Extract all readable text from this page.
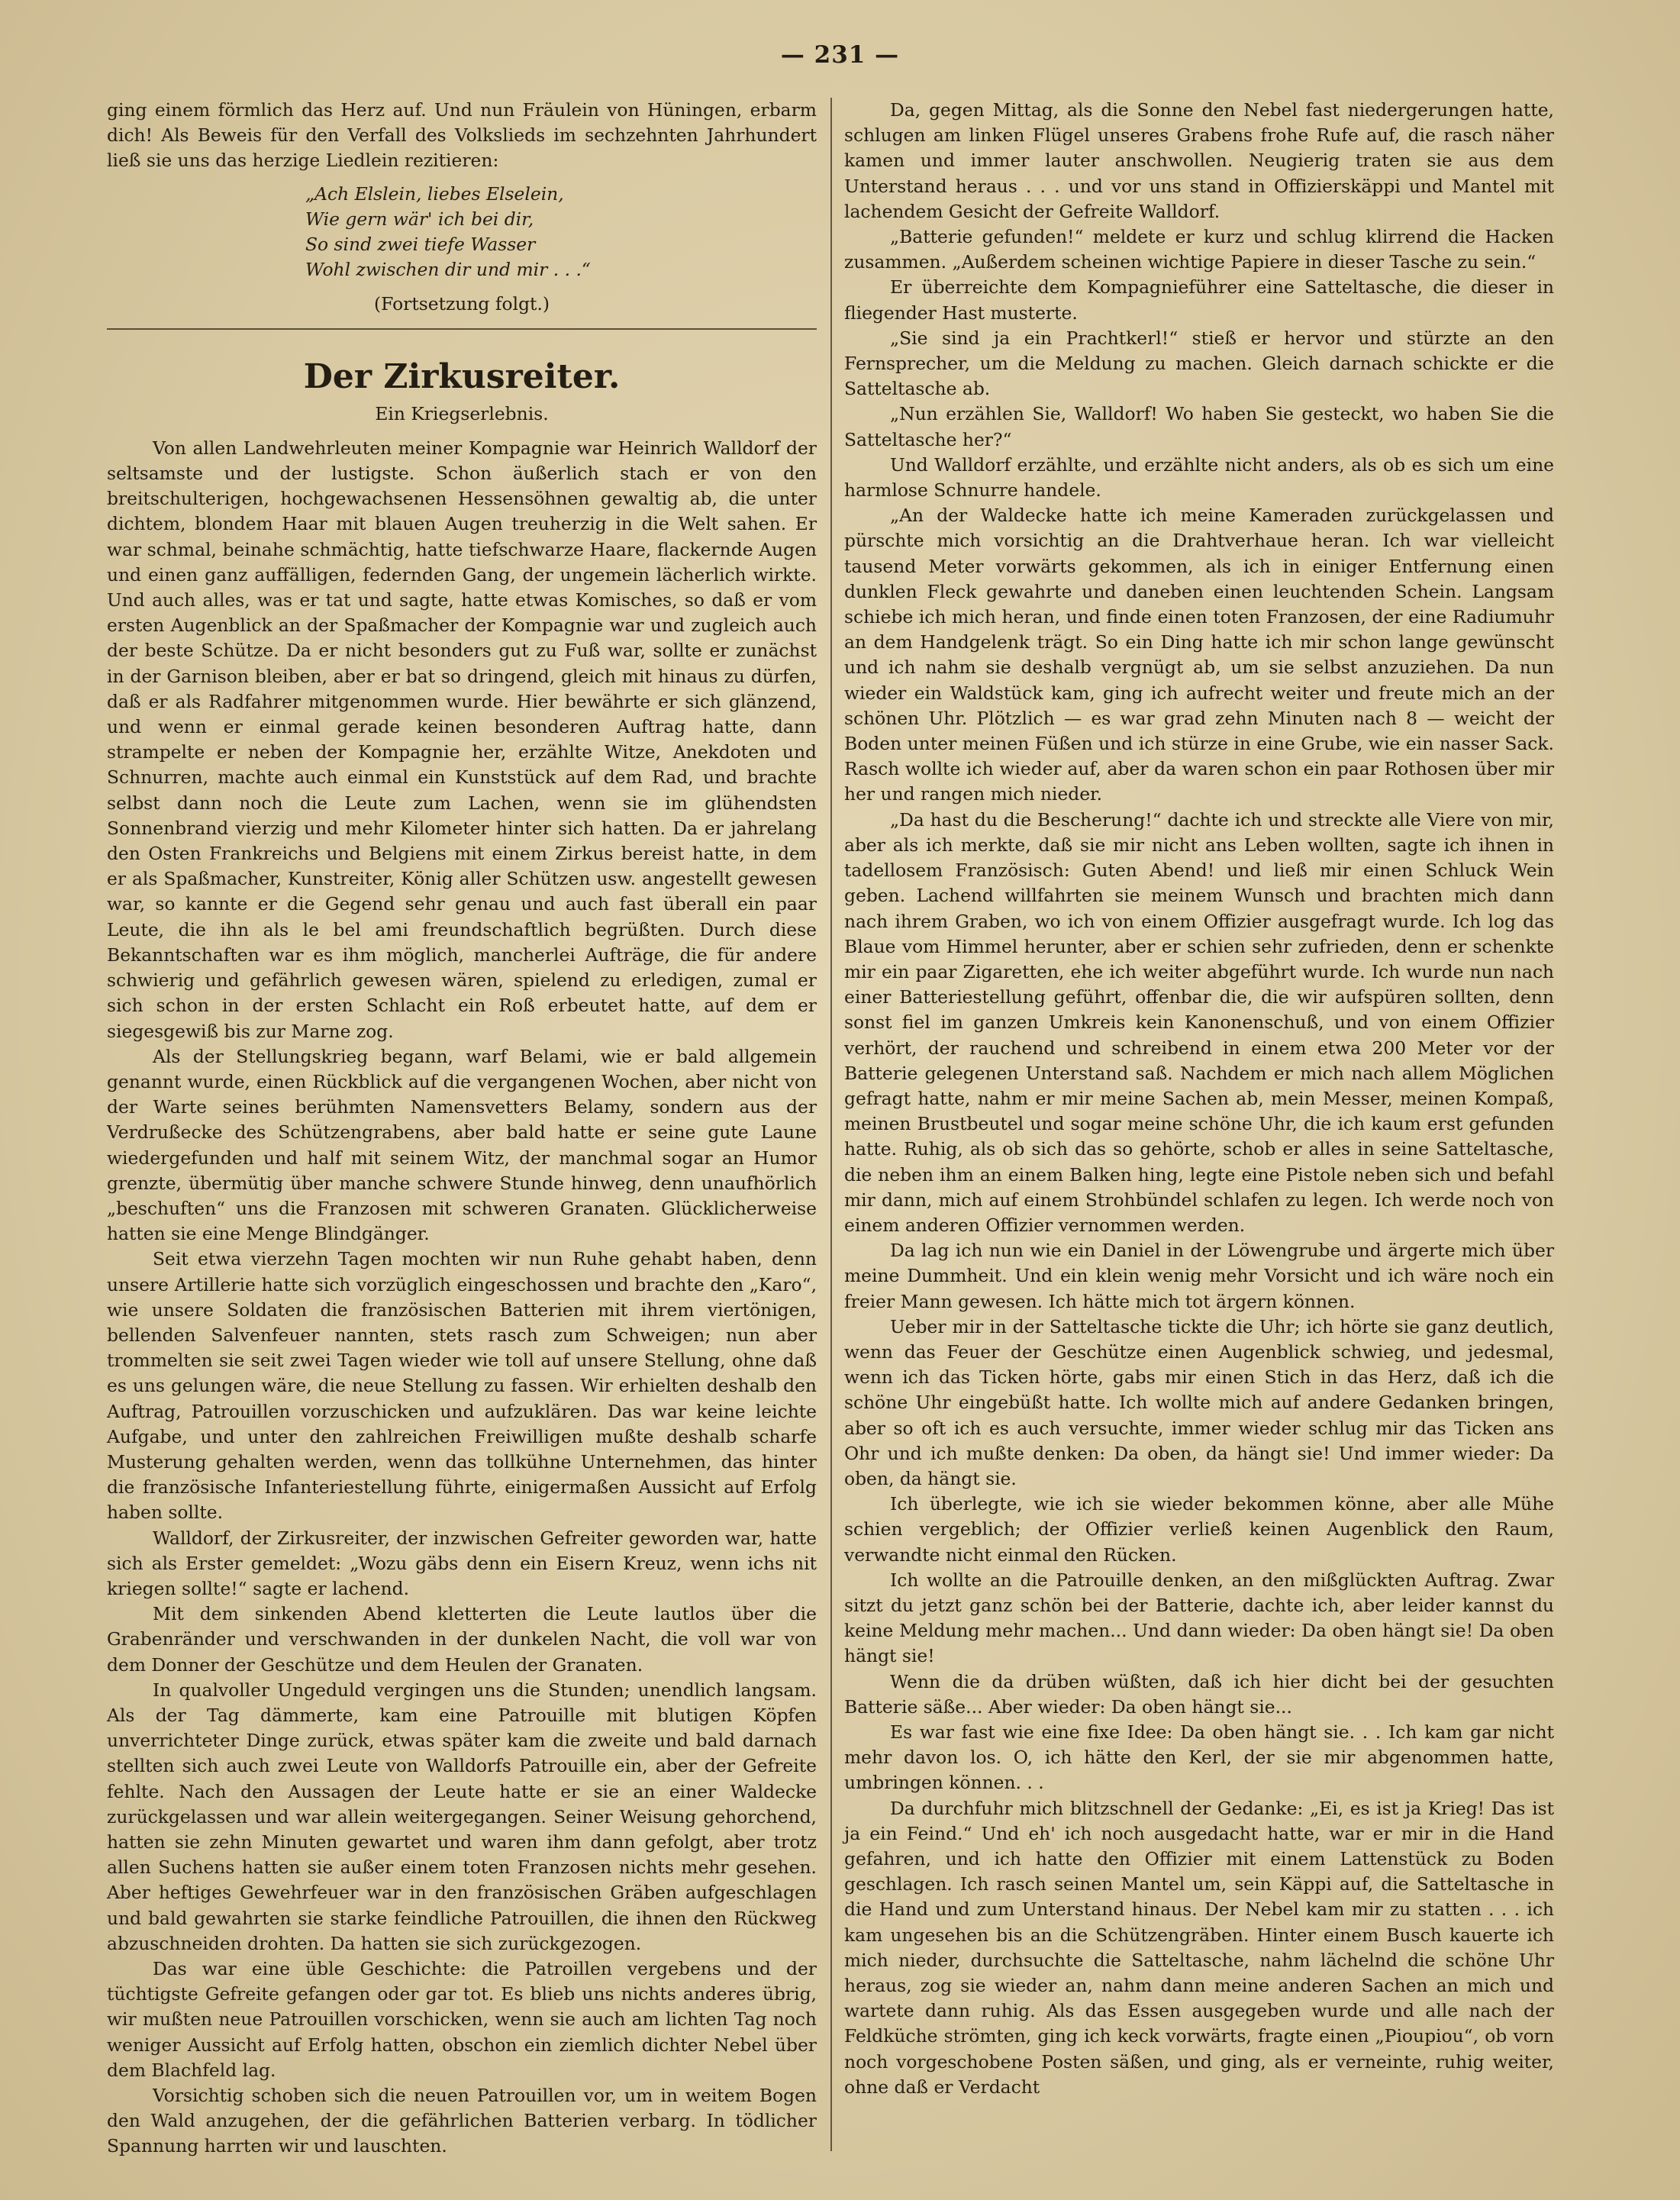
— 231 —

ging einem förmlich das Herz auf. Und nun Fräulein von Hüningen, erbarm dich! Als Beweis für den Verfall des Volkslieds im sechzehnten Jahrhundert ließ sie uns das herzige Liedlein rezitieren:

„Ach Elslein, liebes Elselein,
Wie gern wär' ich bei dir,
So sind zwei tiefe Wasser
Wohl zwischen dir und mir . . .“
(Fortsetzung folgt.)
Der Zirkusreiter.
Ein Kriegserlebnis.

Von allen Landwehrleuten meiner Kompagnie war Heinrich Walldorf der seltsamste und der lustigste. Schon äußerlich stach er von den breitschulterigen, hochgewachsenen Hessensöhnen gewaltig ab, die unter dichtem, blondem Haar mit blauen Augen treuherzig in die Welt sahen. Er war schmal, beinahe schmächtig, hatte tiefschwarze Haare, flackernde Augen und einen ganz auffälligen, federnden Gang, der ungemein lächerlich wirkte. Und auch alles, was er tat und sagte, hatte etwas Komisches, so daß er vom ersten Augenblick an der Spaßmacher der Kompagnie war und zugleich auch der beste Schütze. Da er nicht besonders gut zu Fuß war, sollte er zunächst in der Garnison bleiben, aber er bat so dringend, gleich mit hinaus zu dürfen, daß er als Radfahrer mitgenommen wurde. Hier bewährte er sich glänzend, und wenn er einmal gerade keinen besonderen Auftrag hatte, dann strampelte er neben der Kompagnie her, erzählte Witze, Anekdoten und Schnurren, machte auch einmal ein Kunststück auf dem Rad, und brachte selbst dann noch die Leute zum Lachen, wenn sie im glühendsten Sonnenbrand vierzig und mehr Kilometer hinter sich hatten. Da er jahrelang den Osten Frankreichs und Belgiens mit einem Zirkus bereist hatte, in dem er als Spaßmacher, Kunstreiter, König aller Schützen usw. angestellt gewesen war, so kannte er die Gegend sehr genau und auch fast überall ein paar Leute, die ihn als le bel ami freundschaftlich begrüßten. Durch diese Bekanntschaften war es ihm möglich, mancherlei Aufträge, die für andere schwierig und gefährlich gewesen wären, spielend zu erledigen, zumal er sich schon in der ersten Schlacht ein Roß erbeutet hatte, auf dem er siegesgewiß bis zur Marne zog.

Als der Stellungskrieg begann, warf Belami, wie er bald allgemein genannt wurde, einen Rückblick auf die vergangenen Wochen, aber nicht von der Warte seines berühmten Namensvetters Belamy, sondern aus der Verdrußecke des Schützengrabens, aber bald hatte er seine gute Laune wiedergefunden und half mit seinem Witz, der manchmal sogar an Humor grenzte, übermütig über manche schwere Stunde hinweg, denn unaufhörlich „beschuften“ uns die Franzosen mit schweren Granaten. Glücklicherweise hatten sie eine Menge Blindgänger.

Seit etwa vierzehn Tagen mochten wir nun Ruhe gehabt haben, denn unsere Artillerie hatte sich vorzüglich eingeschossen und brachte den „Karo“, wie unsere Soldaten die französischen Batterien mit ihrem viertönigen, bellenden Salvenfeuer nannten, stets rasch zum Schweigen; nun aber trommelten sie seit zwei Tagen wieder wie toll auf unsere Stellung, ohne daß es uns gelungen wäre, die neue Stellung zu fassen. Wir erhielten deshalb den Auftrag, Patrouillen vorzuschicken und aufzuklären. Das war keine leichte Aufgabe, und unter den zahlreichen Freiwilligen mußte deshalb scharfe Musterung gehalten werden, wenn das tollkühne Unternehmen, das hinter die französische Infanteriestellung führte, einigermaßen Aussicht auf Erfolg haben sollte.

Walldorf, der Zirkusreiter, der inzwischen Gefreiter geworden war, hatte sich als Erster gemeldet: „Wozu gäbs denn ein Eisern Kreuz, wenn ichs nit kriegen sollte!“ sagte er lachend.

Mit dem sinkenden Abend kletterten die Leute lautlos über die Grabenränder und verschwanden in der dunkelen Nacht, die voll war von dem Donner der Geschütze und dem Heulen der Granaten.

In qualvoller Ungeduld vergingen uns die Stunden; unendlich langsam. Als der Tag dämmerte, kam eine Patrouille mit blutigen Köpfen unverrichteter Dinge zurück, etwas später kam die zweite und bald darnach stellten sich auch zwei Leute von Walldorfs Patrouille ein, aber der Gefreite fehlte. Nach den Aussagen der Leute hatte er sie an einer Waldecke zurückgelassen und war allein weitergegangen. Seiner Weisung gehorchend, hatten sie zehn Minuten gewartet und waren ihm dann gefolgt, aber trotz allen Suchens hatten sie außer einem toten Franzosen nichts mehr gesehen. Aber heftiges Gewehrfeuer war in den französischen Gräben aufgeschlagen und bald gewahrten sie starke feindliche Patrouillen, die ihnen den Rückweg abzuschneiden drohten. Da hatten sie sich zurückgezogen.

Das war eine üble Geschichte: die Patroillen vergebens und der tüchtigste Gefreite gefangen oder gar tot. Es blieb uns nichts anderes übrig, wir mußten neue Patrouillen vorschicken, wenn sie auch am lichten Tag noch weniger Aussicht auf Erfolg hatten, obschon ein ziemlich dichter Nebel über dem Blachfeld lag.

Vorsichtig schoben sich die neuen Patrouillen vor, um in weitem Bogen den Wald anzugehen, der die gefährlichen Batterien verbarg. In tödlicher Spannung harrten wir und lauschten.

Da, gegen Mittag, als die Sonne den Nebel fast niedergerungen hatte, schlugen am linken Flügel unseres Grabens frohe Rufe auf, die rasch näher kamen und immer lauter anschwollen. Neugierig traten sie aus dem Unterstand heraus . . . und vor uns stand in Offizierskäppi und Mantel mit lachendem Gesicht der Gefreite Walldorf.

„Batterie gefunden!“ meldete er kurz und schlug klirrend die Hacken zusammen. „Außerdem scheinen wichtige Papiere in dieser Tasche zu sein.“

Er überreichte dem Kompagnieführer eine Satteltasche, die dieser in fliegender Hast musterte.

„Sie sind ja ein Prachtkerl!“ stieß er hervor und stürzte an den Fernsprecher, um die Meldung zu machen. Gleich darnach schickte er die Satteltasche ab.

„Nun erzählen Sie, Walldorf! Wo haben Sie gesteckt, wo haben Sie die Satteltasche her?“

Und Walldorf erzählte, und erzählte nicht anders, als ob es sich um eine harmlose Schnurre handele.

„An der Waldecke hatte ich meine Kameraden zurückgelassen und pürschte mich vorsichtig an die Drahtverhaue heran. Ich war vielleicht tausend Meter vorwärts gekommen, als ich in einiger Entfernung einen dunklen Fleck gewahrte und daneben einen leuchtenden Schein. Langsam schiebe ich mich heran, und finde einen toten Franzosen, der eine Radiumuhr an dem Handgelenk trägt. So ein Ding hatte ich mir schon lange gewünscht und ich nahm sie deshalb vergnügt ab, um sie selbst anzuziehen. Da nun wieder ein Waldstück kam, ging ich aufrecht weiter und freute mich an der schönen Uhr. Plötzlich — es war grad zehn Minuten nach 8 — weicht der Boden unter meinen Füßen und ich stürze in eine Grube, wie ein nasser Sack. Rasch wollte ich wieder auf, aber da waren schon ein paar Rothosen über mir her und rangen mich nieder.

„Da hast du die Bescherung!“ dachte ich und streckte alle Viere von mir, aber als ich merkte, daß sie mir nicht ans Leben wollten, sagte ich ihnen in tadellosem Französisch: Guten Abend! und ließ mir einen Schluck Wein geben. Lachend willfahrten sie meinem Wunsch und brachten mich dann nach ihrem Graben, wo ich von einem Offizier ausgefragt wurde. Ich log das Blaue vom Himmel herunter, aber er schien sehr zufrieden, denn er schenkte mir ein paar Zigaretten, ehe ich weiter abgeführt wurde. Ich wurde nun nach einer Batteriestellung geführt, offenbar die, die wir aufspüren sollten, denn sonst fiel im ganzen Umkreis kein Kanonenschuß, und von einem Offizier verhört, der rauchend und schreibend in einem etwa 200 Meter vor der Batterie gelegenen Unterstand saß. Nachdem er mich nach allem Möglichen gefragt hatte, nahm er mir meine Sachen ab, mein Messer, meinen Kompaß, meinen Brustbeutel und sogar meine schöne Uhr, die ich kaum erst gefunden hatte. Ruhig, als ob sich das so gehörte, schob er alles in seine Satteltasche, die neben ihm an einem Balken hing, legte eine Pistole neben sich und befahl mir dann, mich auf einem Strohbündel schlafen zu legen. Ich werde noch von einem anderen Offizier vernommen werden.

Da lag ich nun wie ein Daniel in der Löwengrube und ärgerte mich über meine Dummheit. Und ein klein wenig mehr Vorsicht und ich wäre noch ein freier Mann gewesen. Ich hätte mich tot ärgern können.

Ueber mir in der Satteltasche tickte die Uhr; ich hörte sie ganz deutlich, wenn das Feuer der Geschütze einen Augenblick schwieg, und jedesmal, wenn ich das Ticken hörte, gabs mir einen Stich in das Herz, daß ich die schöne Uhr eingebüßt hatte. Ich wollte mich auf andere Gedanken bringen, aber so oft ich es auch versuchte, immer wieder schlug mir das Ticken ans Ohr und ich mußte denken: Da oben, da hängt sie! Und immer wieder: Da oben, da hängt sie.

Ich überlegte, wie ich sie wieder bekommen könne, aber alle Mühe schien vergeblich; der Offizier verließ keinen Augenblick den Raum, verwandte nicht einmal den Rücken.

Ich wollte an die Patrouille denken, an den mißglückten Auftrag. Zwar sitzt du jetzt ganz schön bei der Batterie, dachte ich, aber leider kannst du keine Meldung mehr machen... Und dann wieder: Da oben hängt sie! Da oben hängt sie!

Wenn die da drüben wüßten, daß ich hier dicht bei der gesuchten Batterie säße... Aber wieder: Da oben hängt sie...

Es war fast wie eine fixe Idee: Da oben hängt sie. . . Ich kam gar nicht mehr davon los. O, ich hätte den Kerl, der sie mir abgenommen hatte, umbringen können. . .

Da durchfuhr mich blitzschnell der Gedanke: „Ei, es ist ja Krieg! Das ist ja ein Feind.“ Und eh' ich noch ausgedacht hatte, war er mir in die Hand gefahren, und ich hatte den Offizier mit einem Lattenstück zu Boden geschlagen. Ich rasch seinen Mantel um, sein Käppi auf, die Satteltasche in die Hand und zum Unterstand hinaus. Der Nebel kam mir zu statten . . . ich kam ungesehen bis an die Schützengräben. Hinter einem Busch kauerte ich mich nieder, durchsuchte die Satteltasche, nahm lächelnd die schöne Uhr heraus, zog sie wieder an, nahm dann meine anderen Sachen an mich und wartete dann ruhig. Als das Essen ausgegeben wurde und alle nach der Feldküche strömten, ging ich keck vorwärts, fragte einen „Pioupiou“, ob vorn noch vorgeschobene Posten säßen, und ging, als er verneinte, ruhig weiter, ohne daß er Verdacht
